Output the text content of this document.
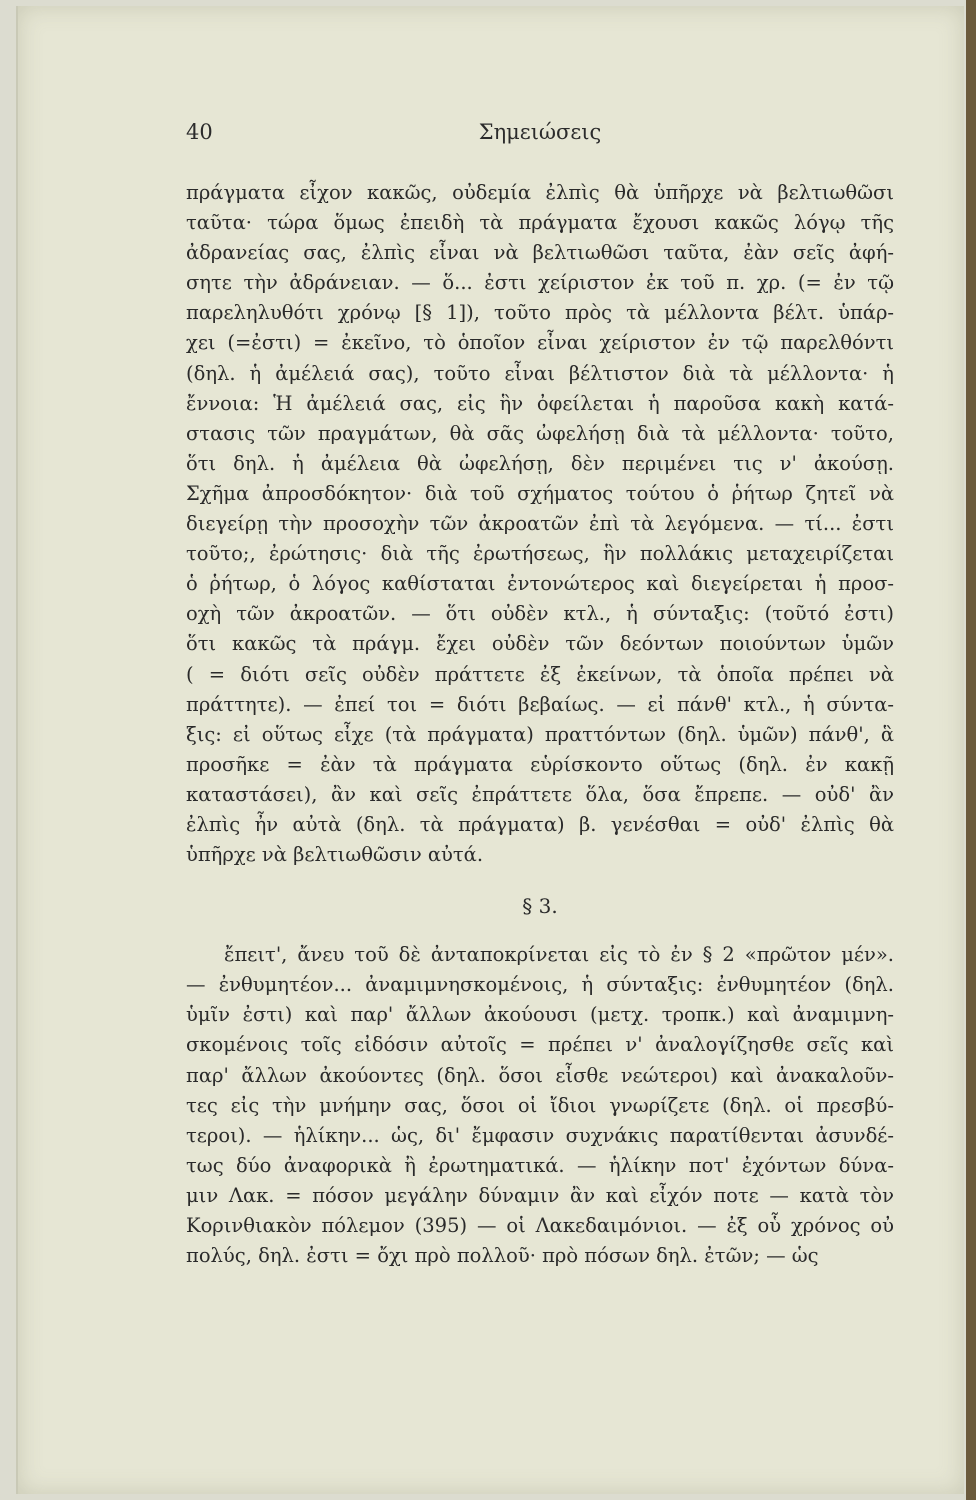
40	Σημειώσεις
πράγματα εἶχον κακῶς, οὐδεμία ἐλπὶς θὰ ὑπῆρχε νὰ βελτιωθῶσι
ταῦτα· τώρα ὅμως ἐπειδὴ τὰ πράγματα ἔχουσι κακῶς λόγῳ τῆς
ἀδρανείας σας, ἐλπὶς εἶναι νὰ βελτιωθῶσι ταῦτα, ἐὰν σεῖς ἀφή-
σητε τὴν ἀδράνειαν. — ὅ... ἐστι χείριστον ἐκ τοῦ π. χρ. (= ἐν τῷ
παρεληλυθότι χρόνῳ [§ 1]), τοῦτο πρὸς τὰ μέλλοντα βέλτ. ὑπάρ-
χει (=ἐστι) = ἐκεῖνο, τὸ ὁποῖον εἶναι χείριστον ἐν τῷ παρελθόντι
(δηλ. ἡ ἀμέλειά σας), τοῦτο εἶναι βέλτιστον διὰ τὰ μέλλοντα· ἡ
ἔννοια: Ἡ ἀμέλειά σας, εἰς ἣν ὀφείλεται ἡ παροῦσα κακὴ κατά-
στασις τῶν πραγμάτων, θὰ σᾶς ὠφελήσῃ διὰ τὰ μέλλοντα· τοῦτο,
ὅτι δηλ. ἡ ἀμέλεια θὰ ὠφελήσῃ, δὲν περιμένει τις ν' ἀκούσῃ.
Σχῆμα ἀπροσδόκητον· διὰ τοῦ σχήματος τούτου ὁ ῥήτωρ ζητεῖ νὰ
διεγείρῃ τὴν προσοχὴν τῶν ἀκροατῶν ἐπὶ τὰ λεγόμενα. — τί... ἐστι
τοῦτο;, ἐρώτησις· διὰ τῆς ἐρωτήσεως, ἣν πολλάκις μεταχειρίζεται
ὁ ῥήτωρ, ὁ λόγος καθίσταται ἐντονώτερος καὶ διεγείρεται ἡ προσ-
οχὴ τῶν ἀκροατῶν. — ὅτι οὐδὲν κτλ., ἡ σύνταξις: (τοῦτό ἐστι)
ὅτι κακῶς τὰ πράγμ. ἔχει οὐδὲν τῶν δεόντων ποιούντων ὑμῶν
( = διότι σεῖς οὐδὲν πράττετε ἐξ ἐκείνων, τὰ ὁποῖα πρέπει νὰ
πράττητε). — ἐπεί τοι = διότι βεβαίως. — εἰ πάνθ' κτλ., ἡ σύντα-
ξις: εἰ οὕτως εἶχε (τὰ πράγματα) πραττόντων (δηλ. ὑμῶν) πάνθ', ἃ
προσῆκε = ἐὰν τὰ πράγματα εὑρίσκοντο οὕτως (δηλ. ἐν κακῇ
καταστάσει), ἂν καὶ σεῖς ἐπράττετε ὅλα, ὅσα ἔπρεπε. — οὐδ' ἂν
ἐλπὶς ἦν αὐτὰ (δηλ. τὰ πράγματα) β. γενέσθαι = οὐδ' ἐλπὶς θὰ
ὑπῆρχε νὰ βελτιωθῶσιν αὐτά.
§ 3.
ἔπειτ', ἄνευ τοῦ δὲ ἀνταποκρίνεται εἰς τὸ ἐν § 2 «πρῶτον μέν».
— ἐνθυμητέον... ἀναμιμνησκομένοις, ἡ σύνταξις: ἐνθυμητέον (δηλ.
ὑμῖν ἐστι) καὶ παρ' ἄλλων ἀκούουσι (μετχ. τροπκ.) καὶ ἀναμιμνη-
σκομένοις τοῖς εἰδόσιν αὐτοῖς = πρέπει ν' ἀναλογίζησθε σεῖς καὶ
παρ' ἄλλων ἀκούοντες (δηλ. ὅσοι εἶσθε νεώτεροι) καὶ ἀνακαλοῦν-
τες εἰς τὴν μνήμην σας, ὅσοι οἱ ἴδιοι γνωρίζετε (δηλ. οἱ πρεσβύ-
τεροι). — ἡλίκην... ὡς, δι' ἔμφασιν συχνάκις παρατίθενται ἀσυνδέ-
τως δύο ἀναφορικὰ ἢ ἐρωτηματικά. — ἡλίκην ποτ' ἐχόντων δύνα-
μιν Λακ. = πόσον μεγάλην δύναμιν ἂν καὶ εἶχόν ποτε — κατὰ τὸν
Κορινθιακὸν πόλεμον (395) — οἱ Λακεδαιμόνιοι. — ἐξ οὗ χρόνος οὐ
πολύς, δηλ. ἐστι = ὄχι πρὸ πολλοῦ· πρὸ πόσων δηλ. ἐτῶν; — ὡς
